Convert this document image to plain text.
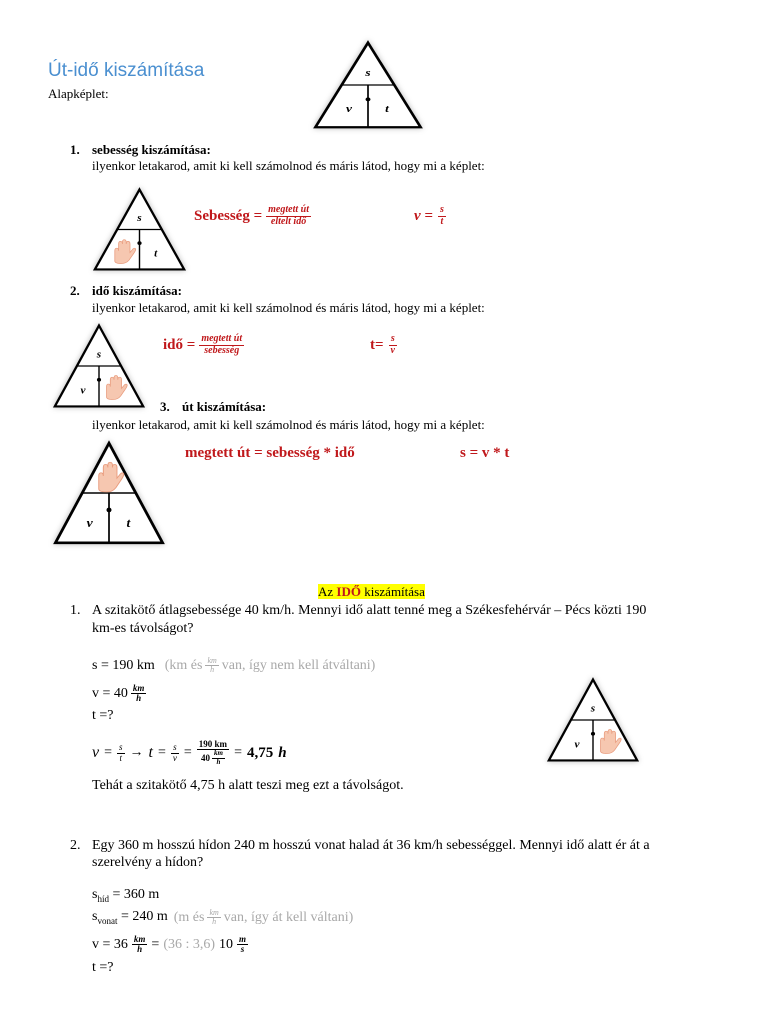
Út-idő kiszámítása
Alapképlet:
s
v	t
1. sebesség kiszámítása:
ilyenkor letakarod, amit ki kell számolnod és máris látod, hogy mi a képlet:
s
t
Sebesség = megtett út
eltelt idő	$v = \frac{s}{t}$
2. idő kiszámítása:
ilyenkor letakarod, amit ki kell számolnod és máris látod, hogy mi a képlet:
s
v
idő = megtett út
sebesség	$t= \frac{s}{v}$
3. út kiszámítása:
ilyenkor letakarod, amit ki kell számolnod és máris látod, hogy mi a képlet:
v	t
megtett út = sebesség * idő	s = v * t
Az IDŐ kiszámítása
1. A szitakötő átlagsebessége 40 km/h. Mennyi idő alatt tenné meg a Székesfehérvár – Pécs közti 190
km-es távolságot?
s = 190 km (km és km
h van, így nem kell átváltani)
v = 40 km
h
t =?
$v = \frac{s}{t} \to t = \frac{s}{v}$ =
190 km
40 km
h
= 4,75 h
Tehát a szitakötő 4,75 h alatt teszi meg ezt a távolságot.
s
v
2. Egy 360 m hosszú hídon 240 m hosszú vonat halad át 36 km/h sebességgel. Mennyi idő alatt ér át a
szerelvény a hídon?
$s_{híd} = 360$ m
$s_{vonat} = 240$ m (m és km
h van, így át kell váltani)
$v = 36 \frac{km}{h} = (36$ : 3,6) 10 m
s
t =?
